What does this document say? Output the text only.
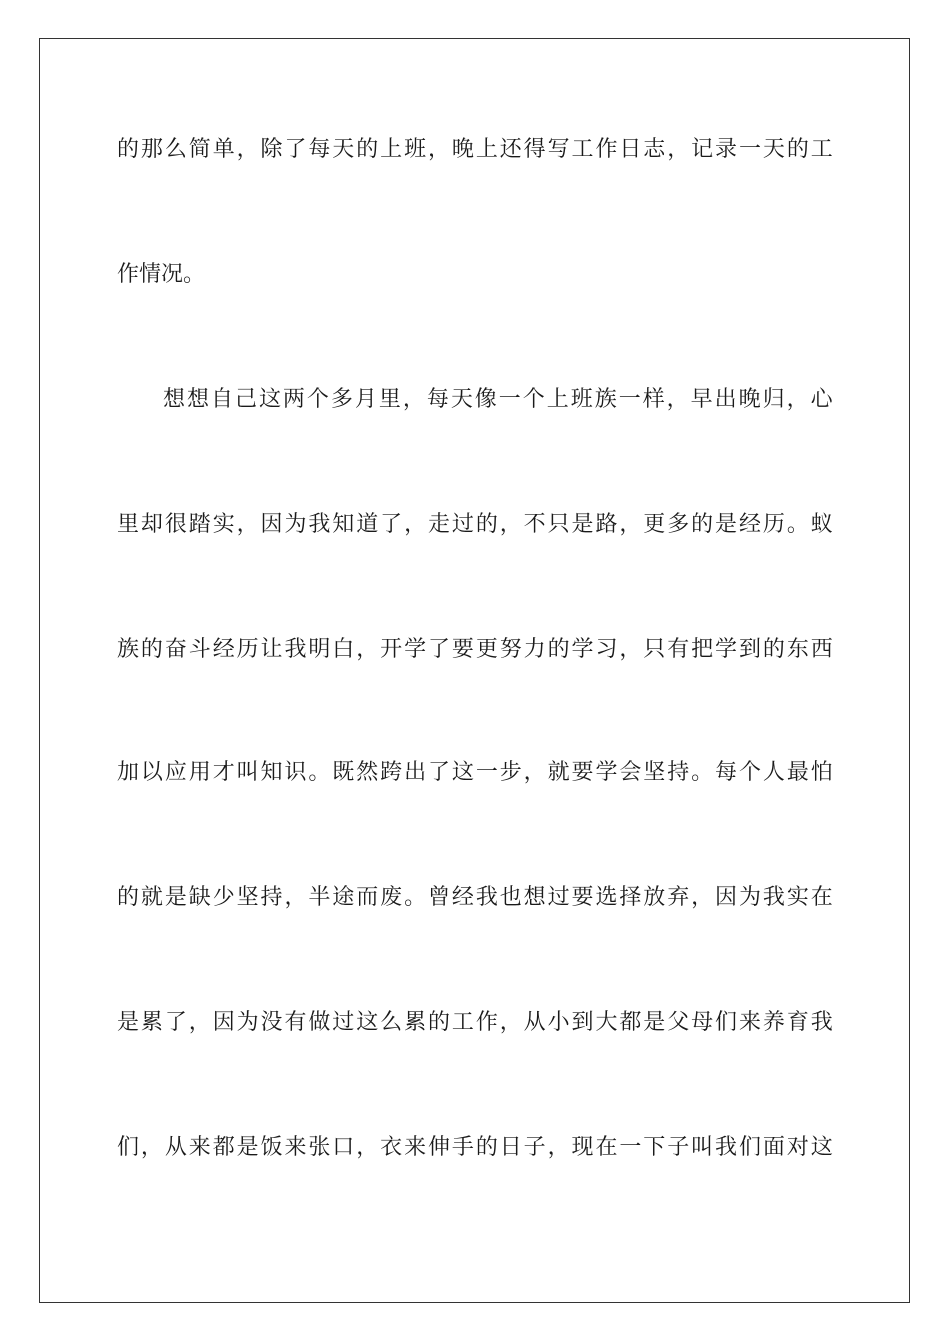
的 那 么 简 单 ， 除 了 每 天 的 上 班 ， 晚 上 还 得 写 工 作 日 志 ， 记 录 一 天 的 工
作情况。
想 想 自 己 这 两 个 多 月 里 ， 每 天 像 一 个 上 班 族 一 样 ， 早 出 晚 归 ， 心
里 却 很 踏 实 ， 因 为 我 知 道 了 ， 走 过 的 ， 不 只 是 路 ， 更 多 的 是 经 历 。 蚁
族 的 奋 斗 经 历 让 我 明 白 ， 开 学 了 要 更 努 力 的 学 习 ， 只 有 把 学 到 的 东 西
加 以 应 用 才 叫 知 识 。 既 然 跨 出 了 这 一 步 ， 就 要 学 会 坚 持 。 每 个 人 最 怕
的 就 是 缺 少 坚 持 ， 半 途 而 废 。 曾 经 我 也 想 过 要 选 择 放 弃 ， 因 为 我 实 在
是 累 了 ， 因 为 没 有 做 过 这 么 累 的 工 作 ， 从 小 到 大 都 是 父 母 们 来 养 育 我
们 ， 从 来 都 是 饭 来 张 口 ， 衣 来 伸 手 的 日 子 ， 现 在 一 下 子 叫 我 们 面 对 这
